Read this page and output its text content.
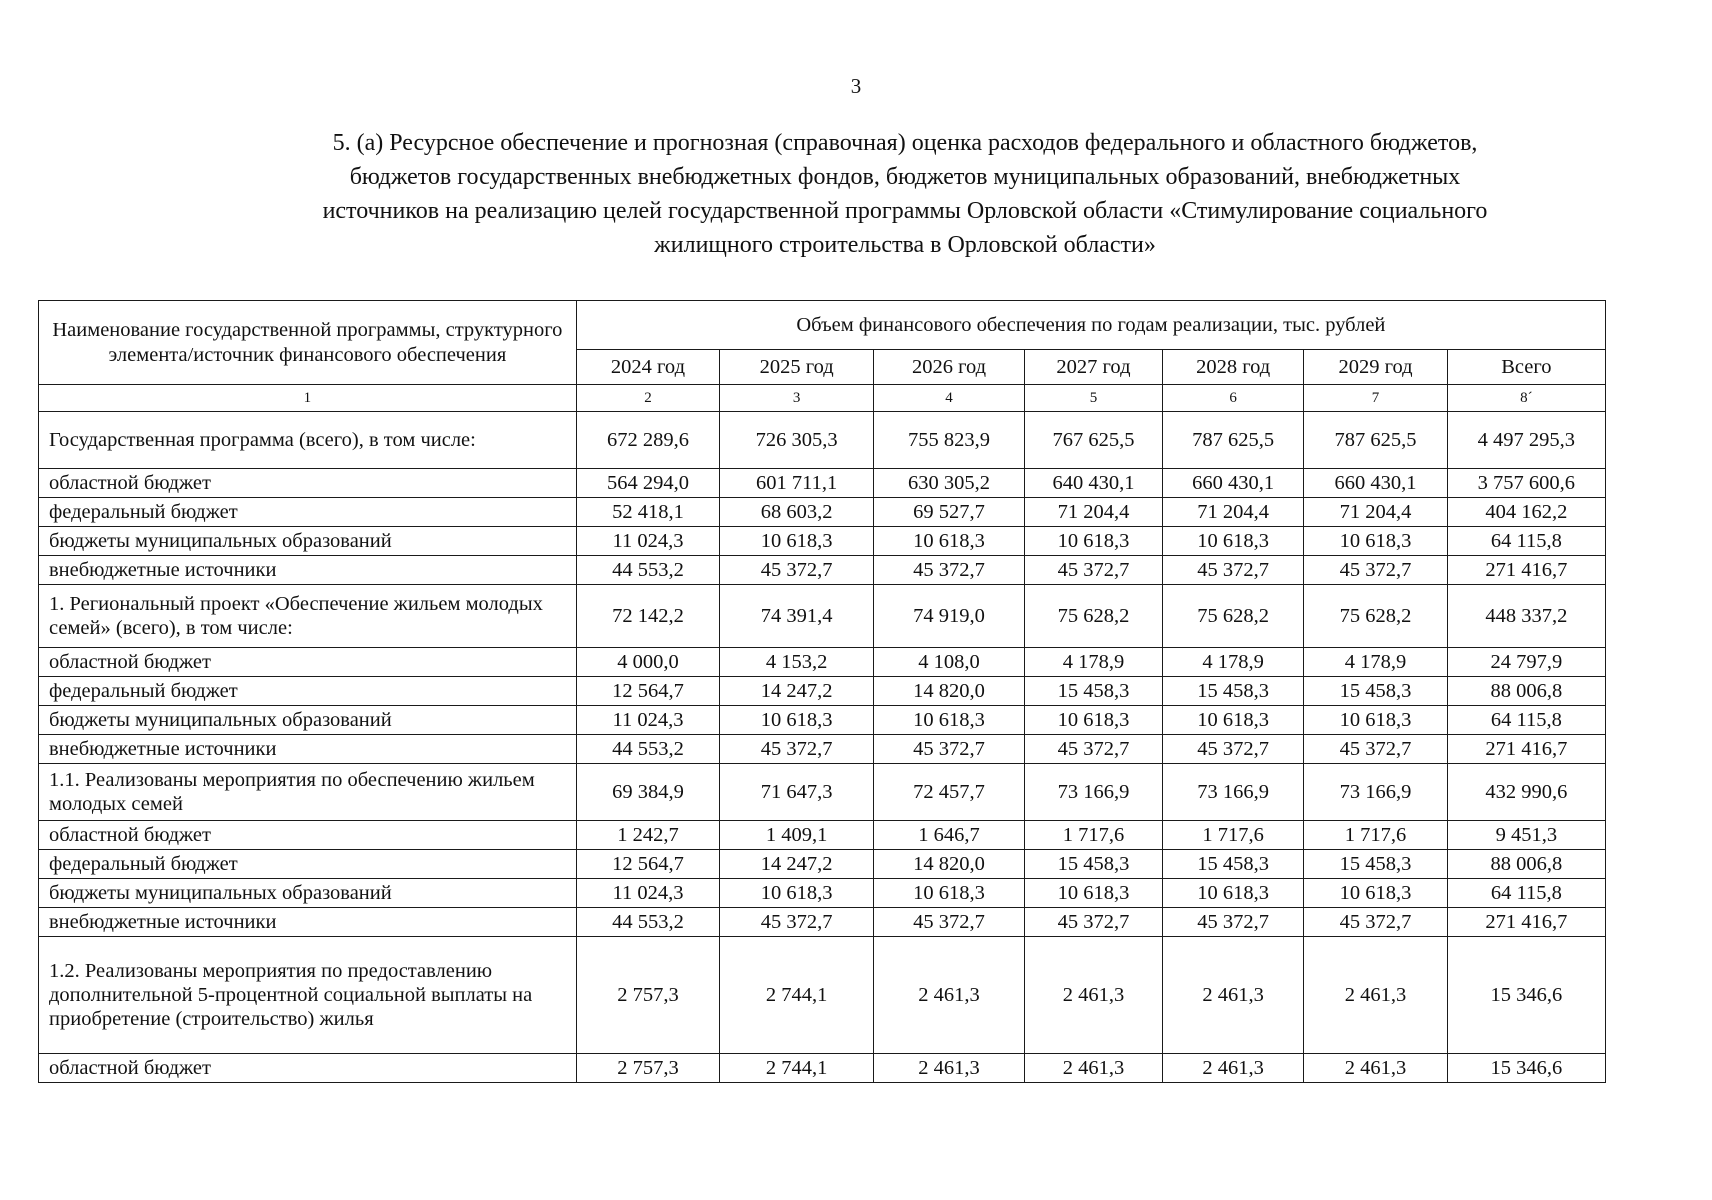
3
5. (а) Ресурсное обеспечение и прогнозная (справочная) оценка расходов федерального и областного бюджетов,
бюджетов государственных внебюджетных фондов, бюджетов муниципальных образований, внебюджетных
источников на реализацию целей государственной программы Орловской области «Стимулирование социального
жилищного строительства в Орловской области»
Наименование государственной программы, структурного элемента/источник финансового обеспечения	Объем финансового обеспечения по годам реализации, тыс. рублей						
	2024 год	2025 год	2026 год	2027 год	2028 год	2029 год	Всего
1	2	3	4	5	6	7	8´
Государственная программа (всего), в том числе:	672 289,6	726 305,3	755 823,9	767 625,5	787 625,5	787 625,5	4 497 295,3
областной бюджет	564 294,0	601 711,1	630 305,2	640 430,1	660 430,1	660 430,1	3 757 600,6
федеральный бюджет	52 418,1	68 603,2	69 527,7	71 204,4	71 204,4	71 204,4	404 162,2
бюджеты муниципальных образований	11 024,3	10 618,3	10 618,3	10 618,3	10 618,3	10 618,3	64 115,8
внебюджетные источники	44 553,2	45 372,7	45 372,7	45 372,7	45 372,7	45 372,7	271 416,7
1. Региональный проект «Обеспечение жильем молодых семей» (всего), в том числе:	72 142,2	74 391,4	74 919,0	75 628,2	75 628,2	75 628,2	448 337,2
областной бюджет	4 000,0	4 153,2	4 108,0	4 178,9	4 178,9	4 178,9	24 797,9
федеральный бюджет	12 564,7	14 247,2	14 820,0	15 458,3	15 458,3	15 458,3	88 006,8
бюджеты муниципальных образований	11 024,3	10 618,3	10 618,3	10 618,3	10 618,3	10 618,3	64 115,8
внебюджетные источники	44 553,2	45 372,7	45 372,7	45 372,7	45 372,7	45 372,7	271 416,7
1.1. Реализованы мероприятия по обеспечению жильем молодых семей	69 384,9	71 647,3	72 457,7	73 166,9	73 166,9	73 166,9	432 990,6
областной бюджет	1 242,7	1 409,1	1 646,7	1 717,6	1 717,6	1 717,6	9 451,3
федеральный бюджет	12 564,7	14 247,2	14 820,0	15 458,3	15 458,3	15 458,3	88 006,8
бюджеты муниципальных образований	11 024,3	10 618,3	10 618,3	10 618,3	10 618,3	10 618,3	64 115,8
внебюджетные источники	44 553,2	45 372,7	45 372,7	45 372,7	45 372,7	45 372,7	271 416,7
1.2. Реализованы мероприятия по предоставлению дополнительной 5-процентной социальной выплаты на приобретение (строительство) жилья	2 757,3	2 744,1	2 461,3	2 461,3	2 461,3	2 461,3	15 346,6
областной бюджет	2 757,3	2 744,1	2 461,3	2 461,3	2 461,3	2 461,3	15 346,6
